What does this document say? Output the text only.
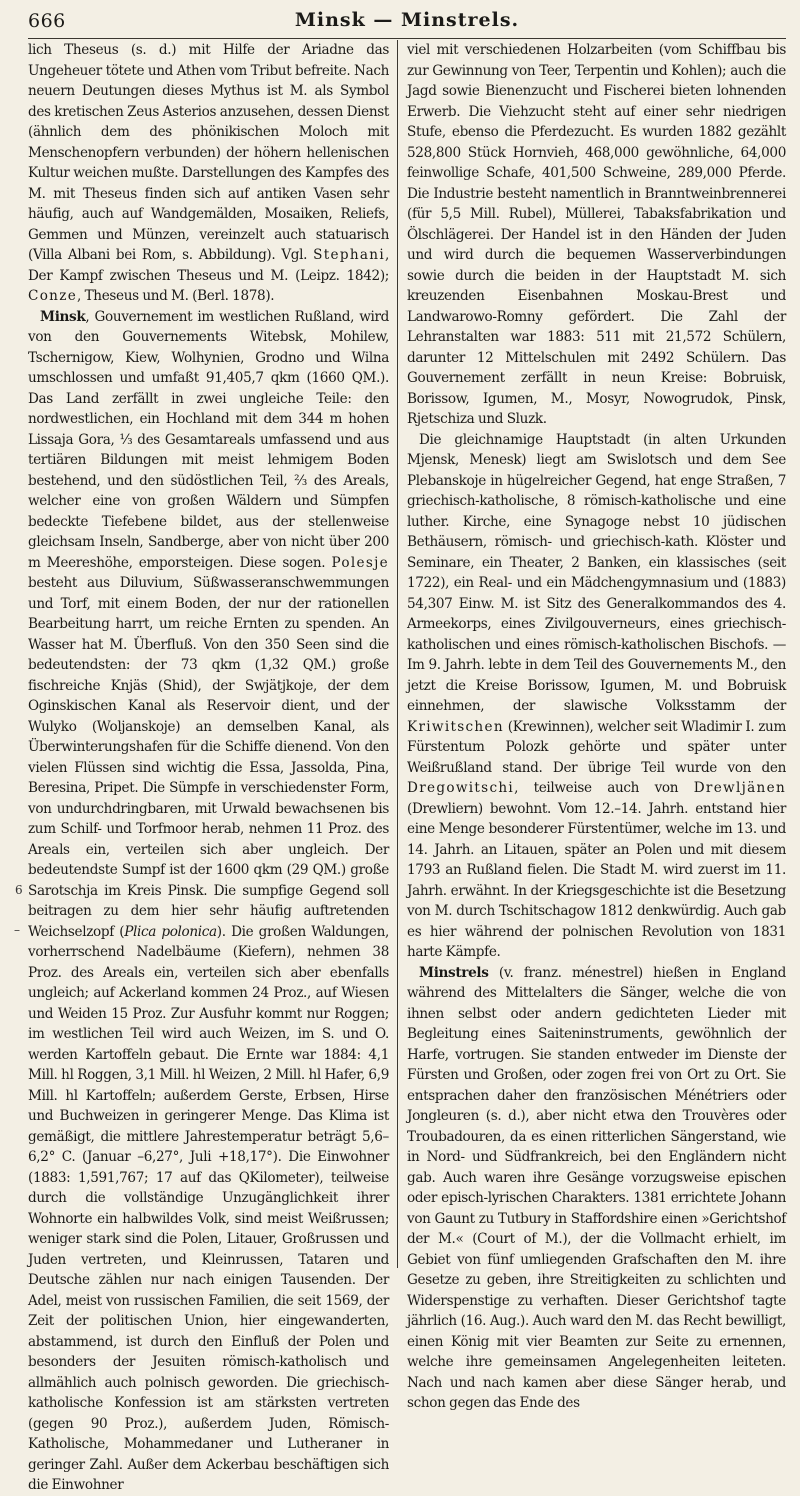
666	Minsk — Minstrels.

lich Theseus (s. d.) mit Hilfe der Ariadne das Ungeheuer tötete und Athen vom Tribut befreite. Nach neuern Deutungen dieses Mythus ist M. als Symbol des kretischen Zeus Asterios anzusehen, dessen Dienst (ähnlich dem des phönikischen Moloch mit Menschenopfern verbunden) der höhern hellenischen Kultur weichen mußte. Darstellungen des Kampfes des M. mit Theseus finden sich auf antiken Vasen sehr häufig, auch auf Wandgemälden, Mosaiken, Reliefs, Gemmen und Münzen, vereinzelt auch statuarisch (Villa Albani bei Rom, s. Abbildung). Vgl. Stephani, Der Kampf zwischen Theseus und M. (Leipz. 1842); Conze, Theseus und M. (Berl. 1878).

Minsk, Gouvernement im westlichen Rußland, wird von den Gouvernements Witebsk, Mohilew, Tschernigow, Kiew, Wolhynien, Grodno und Wilna umschlossen und umfaßt 91,405,7 qkm (1660 QM.). Das Land zerfällt in zwei ungleiche Teile: den nordwestlichen, ein Hochland mit dem 344 m hohen Lissaja Gora, ⅓ des Gesamtareals umfassend und aus tertiären Bildungen mit meist lehmigem Boden bestehend, und den südöstlichen Teil, ⅔ des Areals, welcher eine von großen Wäldern und Sümpfen bedeckte Tiefebene bildet, aus der stellenweise gleichsam Inseln, Sandberge, aber von nicht über 200 m Meereshöhe, emporsteigen. Diese sogen. Polesje besteht aus Diluvium, Süßwasseranschwemmungen und Torf, mit einem Boden, der nur der rationellen Bearbeitung harrt, um reiche Ernten zu spenden. An Wasser hat M. Überfluß. Von den 350 Seen sind die bedeutendsten: der 73 qkm (1,32 QM.) große fischreiche Knjäs (Shid), der Swjätjkoje, der dem Oginskischen Kanal als Reservoir dient, und der Wulyko (Woljanskoje) an demselben Kanal, als Überwinterungshafen für die Schiffe dienend. Von den vielen Flüssen sind wichtig die Essa, Jassolda, Pina, Beresina, Pripet. Die Sümpfe in verschiedenster Form, von undurchdringbaren, mit Urwald bewachsenen bis zum Schilf- und Torfmoor herab, nehmen 11 Proz. des Areals ein, verteilen sich aber ungleich. Der bedeutendste Sumpf ist der 1600 qkm (29 QM.) große Sarotschja im Kreis Pinsk. Die sumpfige Gegend soll beitragen zu dem hier sehr häufig auftretenden Weichselzopf (Plica polonica). Die großen Waldungen, vorherrschend Nadelbäume (Kiefern), nehmen 38 Proz. des Areals ein, verteilen sich aber ebenfalls ungleich; auf Ackerland kommen 24 Proz., auf Wiesen und Weiden 15 Proz. Zur Ausfuhr kommt nur Roggen; im westlichen Teil wird auch Weizen, im S. und O. werden Kartoffeln gebaut. Die Ernte war 1884: 4,1 Mill. hl Roggen, 3,1 Mill. hl Weizen, 2 Mill. hl Hafer, 6,9 Mill. hl Kartoffeln; außerdem Gerste, Erbsen, Hirse und Buchweizen in geringerer Menge. Das Klima ist gemäßigt, die mittlere Jahrestemperatur beträgt 5,6–6,2° C. (Januar –6,27°, Juli +18,17°). Die Einwohner (1883: 1,591,767; 17 auf das QKilometer), teilweise durch die vollständige Unzugänglichkeit ihrer Wohnorte ein halbwildes Volk, sind meist Weißrussen; weniger stark sind die Polen, Litauer, Großrussen und Juden vertreten, und Kleinrussen, Tataren und Deutsche zählen nur nach einigen Tausenden. Der Adel, meist von russischen Familien, die seit 1569, der Zeit der politischen Union, hier eingewanderten, abstammend, ist durch den Einfluß der Polen und besonders der Jesuiten römisch-katholisch und allmählich auch polnisch geworden. Die griechisch-katholische Konfession ist am stärksten vertreten (gegen 90 Proz.), außerdem Juden, Römisch-Katholische, Mohammedaner und Lutheraner in geringer Zahl. Außer dem Ackerbau beschäftigen sich die Einwohner

viel mit verschiedenen Holzarbeiten (vom Schiffbau bis zur Gewinnung von Teer, Terpentin und Kohlen); auch die Jagd sowie Bienenzucht und Fischerei bieten lohnenden Erwerb. Die Viehzucht steht auf einer sehr niedrigen Stufe, ebenso die Pferdezucht. Es wurden 1882 gezählt 528,800 Stück Hornvieh, 468,000 gewöhnliche, 64,000 feinwollige Schafe, 401,500 Schweine, 289,000 Pferde. Die Industrie besteht namentlich in Branntweinbrennerei (für 5,5 Mill. Rubel), Müllerei, Tabaksfabrikation und Ölschlägerei. Der Handel ist in den Händen der Juden und wird durch die bequemen Wasserverbindungen sowie durch die beiden in der Hauptstadt M. sich kreuzenden Eisenbahnen Moskau-Brest und Landwarowo-Romny gefördert. Die Zahl der Lehranstalten war 1883: 511 mit 21,572 Schülern, darunter 12 Mittelschulen mit 2492 Schülern. Das Gouvernement zerfällt in neun Kreise: Bobruisk, Borissow, Igumen, M., Mosyr, Nowogrudok, Pinsk, Rjetschiza und Sluzk.

Die gleichnamige Hauptstadt (in alten Urkunden Mjensk, Menesk) liegt am Swislotsch und dem See Plebanskoje in hügelreicher Gegend, hat enge Straßen, 7 griechisch-katholische, 8 römisch-katholische und eine luther. Kirche, eine Synagoge nebst 10 jüdischen Bethäusern, römisch- und griechisch-kath. Klöster und Seminare, ein Theater, 2 Banken, ein klassisches (seit 1722), ein Real- und ein Mädchengymnasium und (1883) 54,307 Einw. M. ist Sitz des Generalkommandos des 4. Armeekorps, eines Zivilgouverneurs, eines griechisch-katholischen und eines römisch-katholischen Bischofs. — Im 9. Jahrh. lebte in dem Teil des Gouvernements M., den jetzt die Kreise Borissow, Igumen, M. und Bobruisk einnehmen, der slawische Volksstamm der Kriwitschen (Krewinnen), welcher seit Wladimir I. zum Fürstentum Polozk gehörte und später unter Weißrußland stand. Der übrige Teil wurde von den Dregowitschi, teilweise auch von Drewljänen (Drewliern) bewohnt. Vom 12.–14. Jahrh. entstand hier eine Menge besonderer Fürstentümer, welche im 13. und 14. Jahrh. an Litauen, später an Polen und mit diesem 1793 an Rußland fielen. Die Stadt M. wird zuerst im 11. Jahrh. erwähnt. In der Kriegsgeschichte ist die Besetzung von M. durch Tschitschagow 1812 denkwürdig. Auch gab es hier während der polnischen Revolution von 1831 harte Kämpfe.

Minstrels (v. franz. ménestrel) hießen in England während des Mittelalters die Sänger, welche die von ihnen selbst oder andern gedichteten Lieder mit Begleitung eines Saiteninstruments, gewöhnlich der Harfe, vortrugen. Sie standen entweder im Dienste der Fürsten und Großen, oder zogen frei von Ort zu Ort. Sie entsprachen daher den französischen Ménétriers oder Jongleuren (s. d.), aber nicht etwa den Trouvères oder Troubadouren, da es einen ritterlichen Sängerstand, wie in Nord- und Südfrankreich, bei den Engländern nicht gab. Auch waren ihre Gesänge vorzugsweise epischen oder episch-lyrischen Charakters. 1381 errichtete Johann von Gaunt zu Tutbury in Staffordshire einen »Gerichtshof der M.« (Court of M.), der die Vollmacht erhielt, im Gebiet von fünf umliegenden Grafschaften den M. ihre Gesetze zu geben, ihre Streitigkeiten zu schlichten und Widerspenstige zu verhaften. Dieser Gerichtshof tagte jährlich (16. Aug.). Auch ward den M. das Recht bewilligt, einen König mit vier Beamten zur Seite zu ernennen, welche ihre gemeinsamen Angelegenheiten leiteten. Nach und nach kamen aber diese Sänger herab, und schon gegen das Ende des

6
–
